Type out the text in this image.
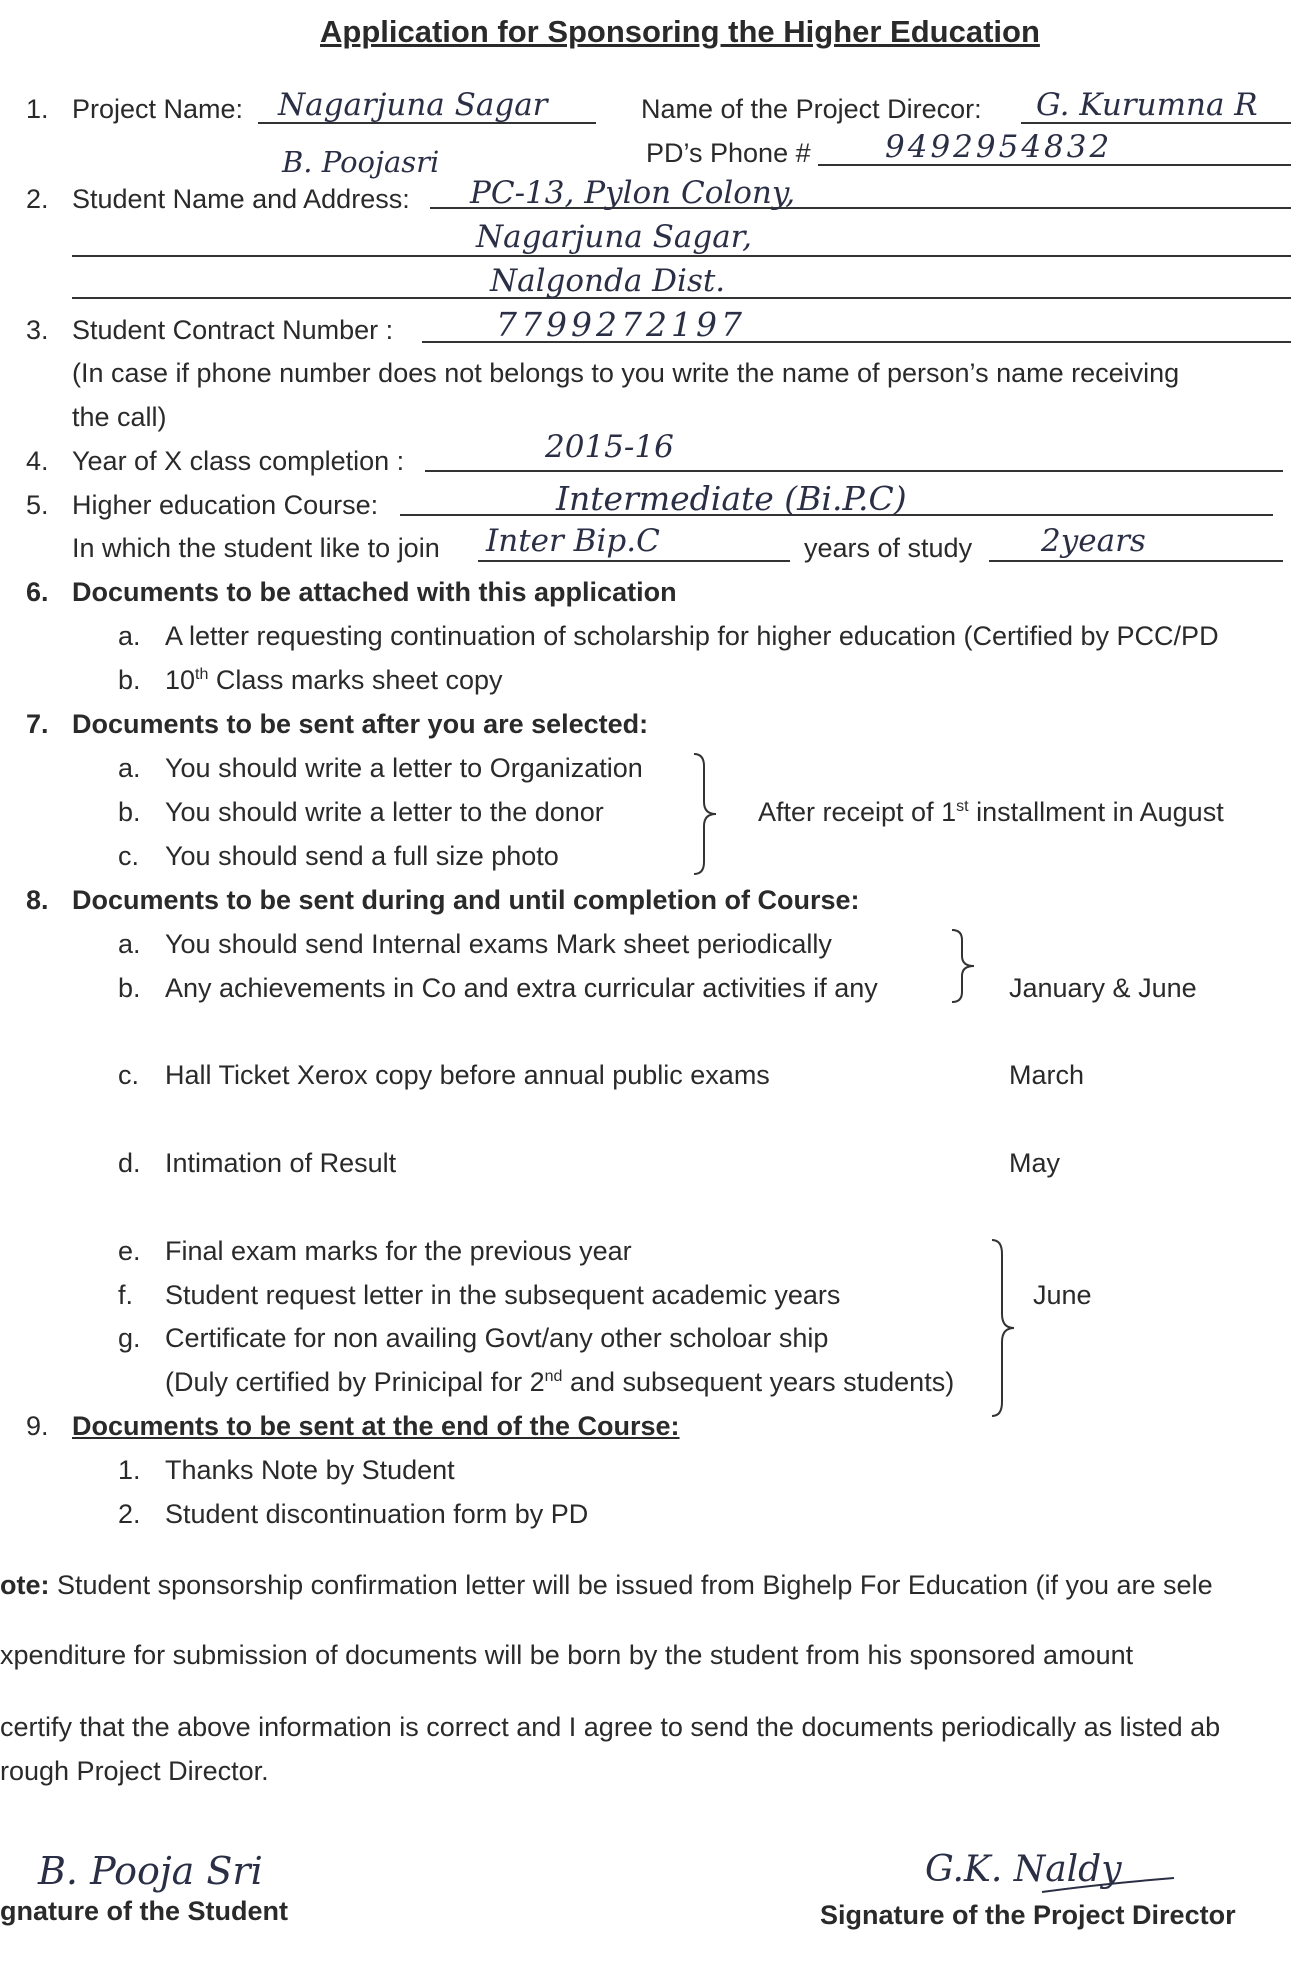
Application for Sponsoring the Higher Education
1. Project Name: Nagarjuna Sagar	Name of the Project Direcor: G. Kurumna R
PD’s Phone # 9492954832
B. Poojasri
2. Student Name and Address: PC-13, Pylon Colony,
Nagarjuna Sagar,
Nalgonda Dist.
3. Student Contract Number :	7799272197
(In case if phone number does not belongs to you write the name of person’s name receiving
the call)
4. Year of X class completion :	2015-16
5. Higher education Course:	Intermediate (Bi.P.C)
In which the student like to join Inter Bip.C	years of study 2years
6. Documents to be attached with this application
a. A letter requesting continuation of scholarship for higher education (Certified by PCC/PD
b. 10th Class marks sheet copy
7. Documents to be sent after you are selected:
a. You should write a letter to Organization
b. You should write a letter to the donor
c. You should send a full size photo
After receipt of 1st installment in August
8. Documents to be sent during and until completion of Course:
a. You should send Internal exams Mark sheet periodically
b. Any achievements in Co and extra curricular activities if any	January & June
c. Hall Ticket Xerox copy before annual public exams	March
d. Intimation of Result	May
e. Final exam marks for the previous year
f. Student request letter in the subsequent academic years
g. Certificate for non availing Govt/any other scholoar ship
(Duly certified by Prinicipal for 2nd and subsequent years students)
June
9. Documents to be sent at the end of the Course:
1. Thanks Note by Student
2. Student discontinuation form by PD
ote: Student sponsorship confirmation letter will be issued from Bighelp For Education (if you are sele
xpenditure for submission of documents will be born by the student from his sponsored amount
certify that the above information is correct and I agree to send the documents periodically as listed ab
rough Project Director.
B. Pooja Sri
gnature of the Student
G.K. Naldy
Signature of the Project Director
